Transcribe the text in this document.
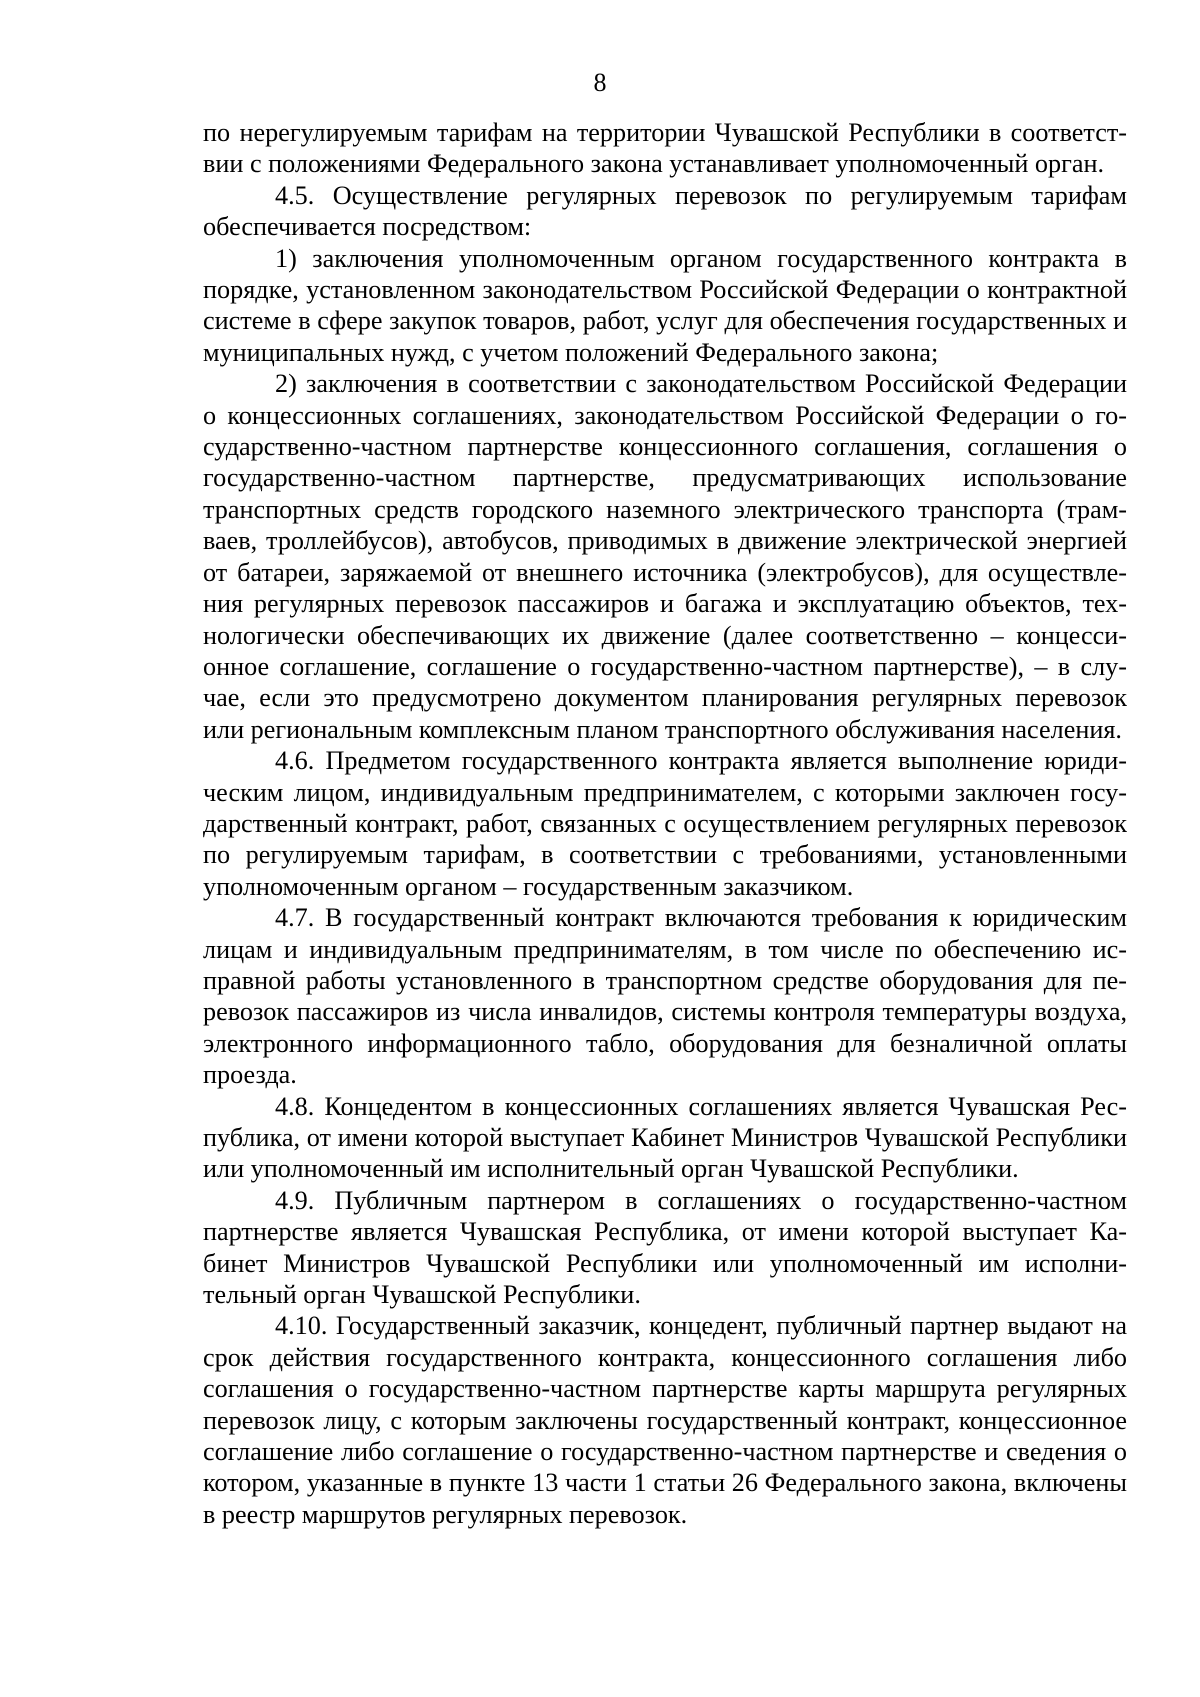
8

по нерегулируемым тарифам на территории Чувашской Республики в соответствии с положениями Федерального закона устанавливает уполномоченный орган.

4.5. Осуществление регулярных перевозок по регулируемым тарифам обеспечивается посредством:

1) заключения уполномоченным органом государственного контракта в порядке, установленном законодательством Российской Федерации о контрактной системе в сфере закупок товаров, работ, услуг для обеспечения государственных и муниципальных нужд, с учетом положений Федерального закона;

2) заключения в соответствии с законодательством Российской Федерации о концессионных соглашениях, законодательством Российской Федерации о государственно-частном партнерстве концессионного соглашения, соглашения о государственно-частном партнерстве, предусматривающих использование транспортных средств городского наземного электрического транспорта (трамваев, троллейбусов), автобусов, приводимых в движение электрической энергией от батареи, заряжаемой от внешнего источника (электробусов), для осуществления регулярных перевозок пассажиров и багажа и эксплуатацию объектов, технологически обеспечивающих их движение (далее соответственно – концессионное соглашение, соглашение о государственно-частном партнерстве), – в случае, если это предусмотрено документом планирования регулярных перевозок или региональным комплексным планом транспортного обслуживания населения.

4.6. Предметом государственного контракта является выполнение юридическим лицом, индивидуальным предпринимателем, с которыми заключен государственный контракт, работ, связанных с осуществлением регулярных перевозок по регулируемым тарифам, в соответствии с требованиями, установленными уполномоченным органом – государственным заказчиком.

4.7. В государственный контракт включаются требования к юридическим лицам и индивидуальным предпринимателям, в том числе по обеспечению исправной работы установленного в транспортном средстве оборудования для перевозок пассажиров из числа инвалидов, системы контроля температуры воздуха, электронного информационного табло, оборудования для безналичной оплаты проезда.

4.8. Концедентом в концессионных соглашениях является Чувашская Республика, от имени которой выступает Кабинет Министров Чувашской Республики или уполномоченный им исполнительный орган Чувашской Республики.

4.9. Публичным партнером в соглашениях о государственно-частном партнерстве является Чувашская Республика, от имени которой выступает Кабинет Министров Чувашской Республики или уполномоченный им исполнительный орган Чувашской Республики.

4.10. Государственный заказчик, концедент, публичный партнер выдают на срок действия государственного контракта, концессионного соглашения либо соглашения о государственно-частном партнерстве карты маршрута регулярных перевозок лицу, с которым заключены государственный контракт, концессионное соглашение либо соглашение о государственно-частном партнерстве и сведения о котором, указанные в пункте 13 части 1 статьи 26 Федерального закона, включены в реестр маршрутов регулярных перевозок.
